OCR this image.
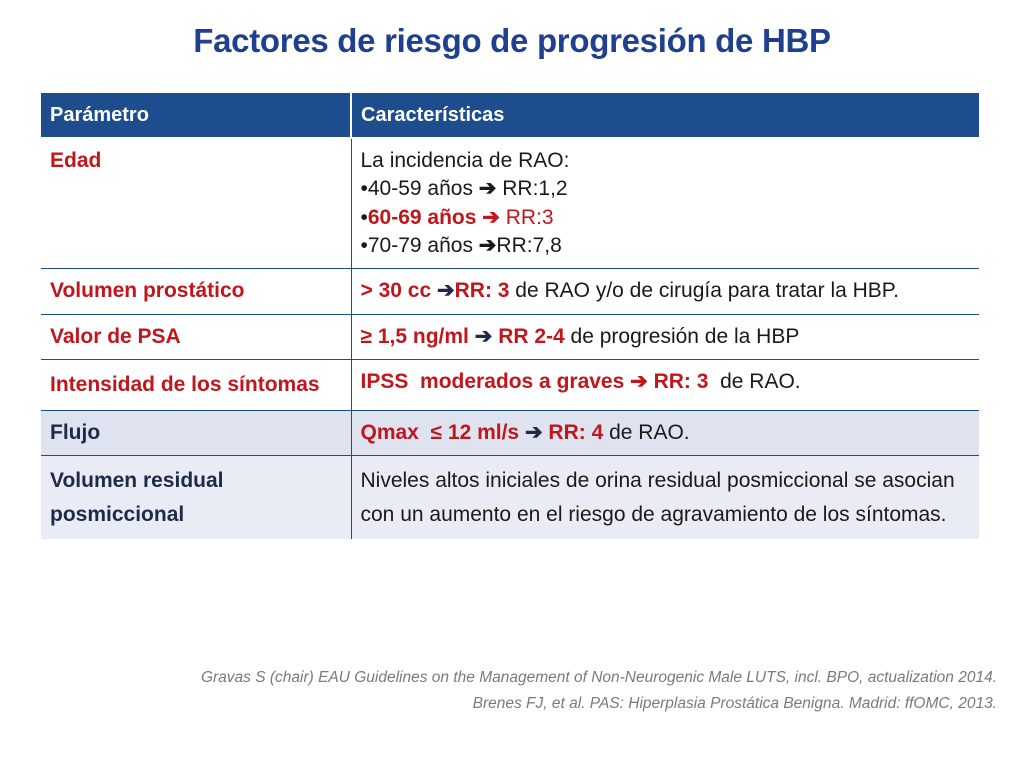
Factores de riesgo de progresión de HBP
Parámetro	Características
Edad	La incidencia de RAO:
•40-59 años ➔ RR:1,2
•60-69 años ➔ RR:3
•70-79 años ➔RR:7,8

Volumen prostático	> 30 cc ➔RR: 3 de RAO y/o de cirugía para tratar la HBP.
Valor de PSA	≥ 1,5 ng/ml ➔ RR 2-4 de progresión de la HBP
Intensidad de los síntomas	IPSS  moderados a graves ➔ RR: 3  de RAO.
Flujo	Qmax  ≤ 12 ml/s ➔ RR: 4 de RAO.
Volumen residual posmiccional	Niveles altos iniciales de orina residual posmiccional se asocian con un aumento en el riesgo de agravamiento de los síntomas.
Gravas S (chair) EAU Guidelines on the Management of Non-Neurogenic Male LUTS, incl. BPO, actualization 2014.
Brenes FJ, et al. PAS: Hiperplasia Prostática Benigna. Madrid: ffOMC, 2013.
